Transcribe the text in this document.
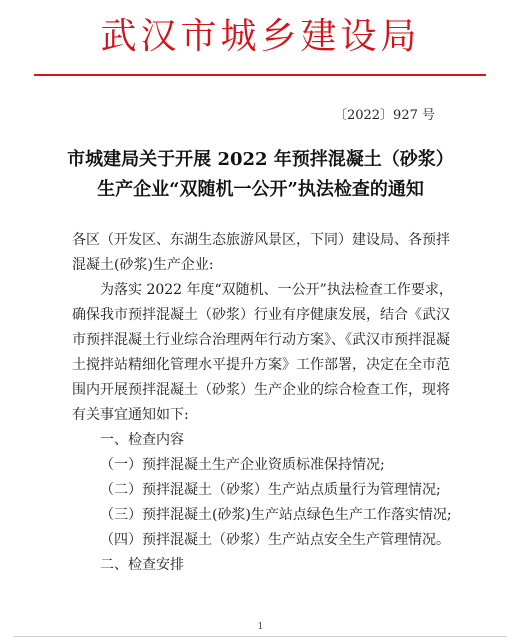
武汉市城乡建设局
〔2022〕927 号
市城建局关于开展 2022 年预拌混凝土（砂浆）
生产企业“双随机一公开”执法检查的通知

各区（开发区、东湖生态旅游风景区，下同）建设局、各预拌混凝土(砂浆)生产企业:

为落实 2022 年度“双随机、一公开”执法检查工作要求，确保我市预拌混凝土（砂浆）行业有序健康发展，结合《武汉市预拌混凝土行业综合治理两年行动方案》、《武汉市预拌混凝土搅拌站精细化管理水平提升方案》工作部署，决定在全市范围内开展预拌混凝土（砂浆）生产企业的综合检查工作，现将有关事宜通知如下:

一、检查内容

（一）预拌混凝土生产企业资质标准保持情况;

（二）预拌混凝土（砂浆）生产站点质量行为管理情况;

（三）预拌混凝土(砂浆)生产站点绿色生产工作落实情况;

（四）预拌混凝土（砂浆）生产站点安全生产管理情况。

二、检查安排

1
